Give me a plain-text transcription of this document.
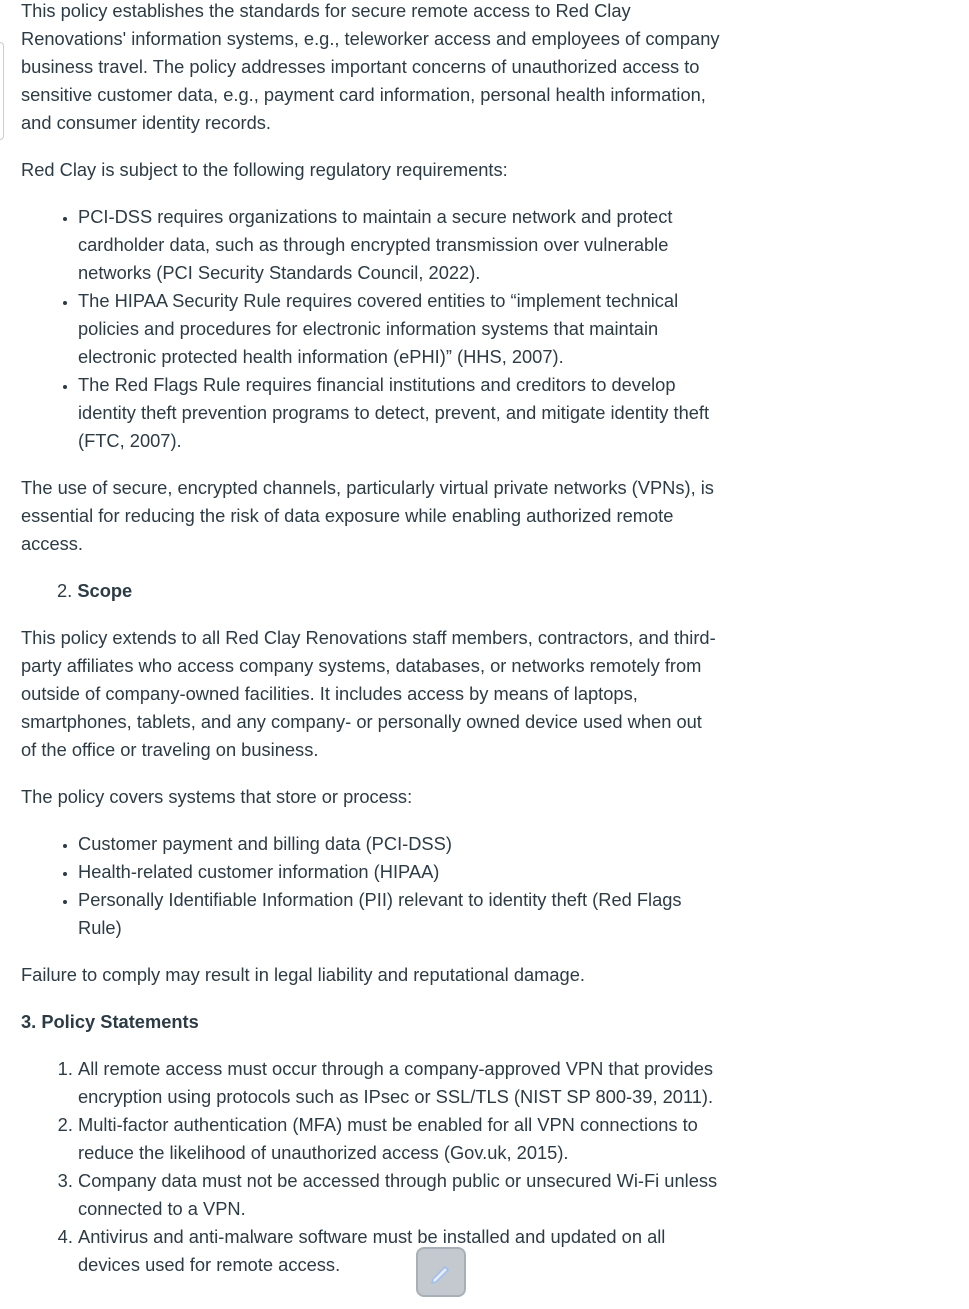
This policy establishes the standards for secure remote access to Red Clay Renovations' information systems, e.g., teleworker access and employees of company business travel. The policy addresses important concerns of unauthorized access to sensitive customer data, e.g., payment card information, personal health information, and consumer identity records.

Red Clay is subject to the following regulatory requirements:

• PCI-DSS requires organizations to maintain a secure network and protect cardholder data, such as through encrypted transmission over vulnerable networks (PCI Security Standards Council, 2022).
• The HIPAA Security Rule requires covered entities to “implement technical policies and procedures for electronic information systems that maintain electronic protected health information (ePHI)” (HHS, 2007).
• The Red Flags Rule requires financial institutions and creditors to develop identity theft prevention programs to detect, prevent, and mitigate identity theft (FTC, 2007).

The use of secure, encrypted channels, particularly virtual private networks (VPNs), is essential for reducing the risk of data exposure while enabling authorized remote access.

2. Scope

This policy extends to all Red Clay Renovations staff members, contractors, and third-party affiliates who access company systems, databases, or networks remotely from outside of company-owned facilities. It includes access by means of laptops, smartphones, tablets, and any company- or personally owned device used when out of the office or traveling on business.

The policy covers systems that store or process:

• Customer payment and billing data (PCI-DSS)
• Health-related customer information (HIPAA)
• Personally Identifiable Information (PII) relevant to identity theft (Red Flags Rule)

Failure to comply may result in legal liability and reputational damage.

3. Policy Statements

1. All remote access must occur through a company-approved VPN that provides encryption using protocols such as IPsec or SSL/TLS (NIST SP 800-39, 2011).
2. Multi-factor authentication (MFA) must be enabled for all VPN connections to reduce the likelihood of unauthorized access (Gov.uk, 2015).
3. Company data must not be accessed through public or unsecured Wi-Fi unless connected to a VPN.
4. Antivirus and anti-malware software must be installed and updated on all devices used for remote access.
